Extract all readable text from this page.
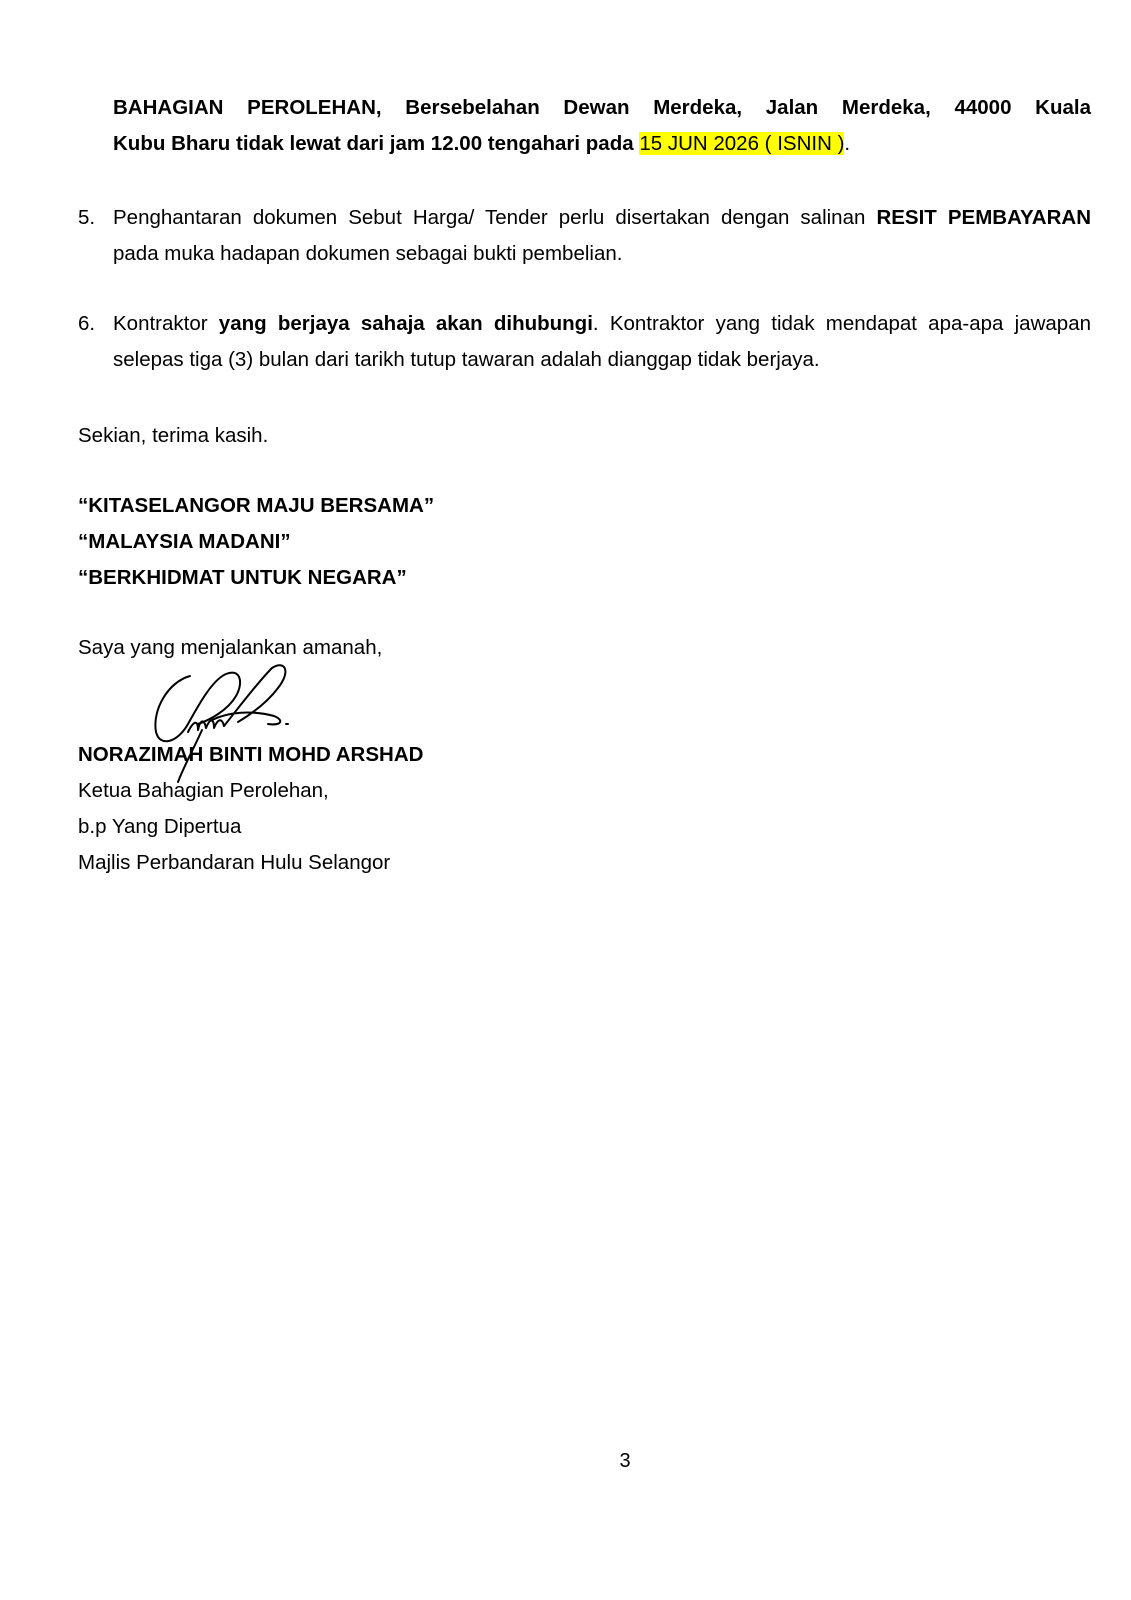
BAHAGIAN PEROLEHAN, Bersebelahan Dewan Merdeka, Jalan Merdeka, 44000 Kuala
Kubu Bharu tidak lewat dari jam 12.00 tengahari pada 15 JUN 2026 ( ISNIN ).
5. Penghantaran dokumen Sebut Harga/ Tender perlu disertakan dengan salinan RESIT PEMBAYARAN
pada muka hadapan dokumen sebagai bukti pembelian.
6. Kontraktor yang berjaya sahaja akan dihubungi. Kontraktor yang tidak mendapat apa-apa jawapan
selepas tiga (3) bulan dari tarikh tutup tawaran adalah dianggap tidak berjaya.
Sekian, terima kasih.
“KITASELANGOR MAJU BERSAMA”
“MALAYSIA MADANI”
“BERKHIDMAT UNTUK NEGARA”
Saya yang menjalankan amanah,
NORAZIMAH BINTI MOHD ARSHAD
Ketua Bahagian Perolehan,
b.p Yang Dipertua
Majlis Perbandaran Hulu Selangor
3
